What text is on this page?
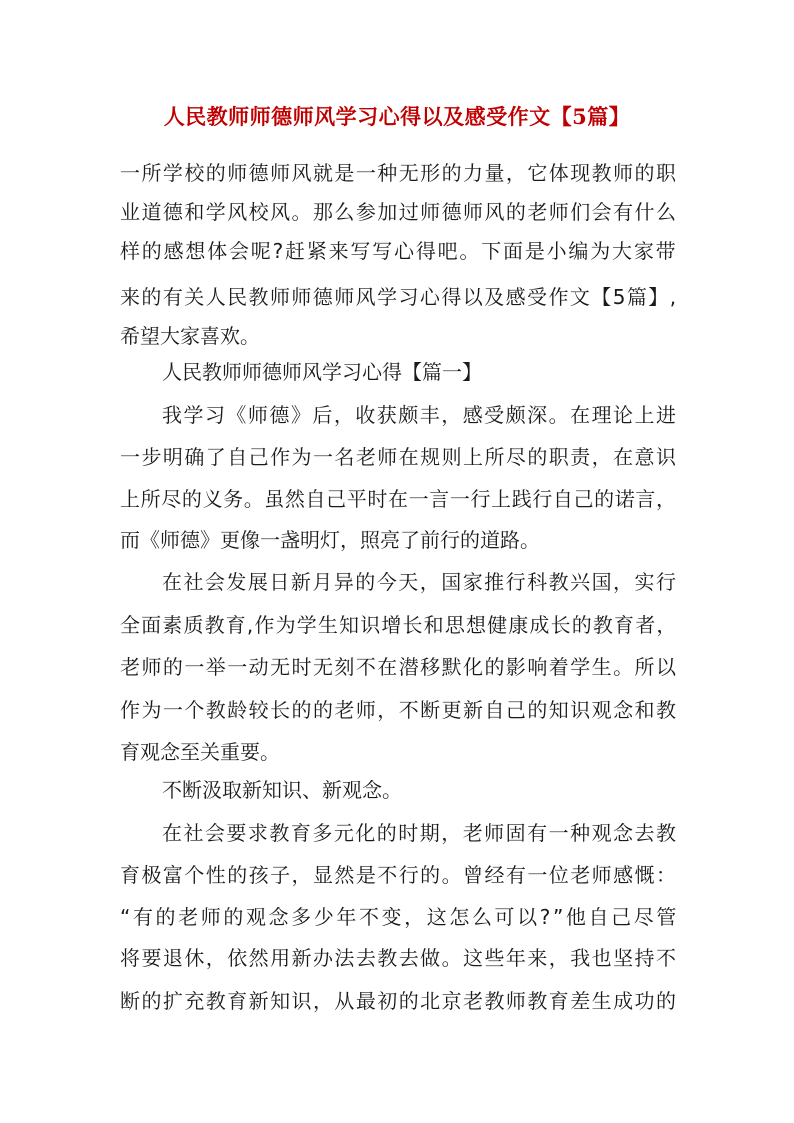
人民教师师德师风学习心得以及感受作文【5篇】
一所学校的师德师风就是一种无形的力量，它体现教师的职
业道德和学风校风。那么参加过师德师风的老师们会有什么
样的感想体会呢?赶紧来写写心得吧。下面是小编为大家带
来的有关人民教师师德师风学习心得以及感受作文【5篇】,
希望大家喜欢。
人民教师师德师风学习心得【篇一】
我学习《师德》后，收获颇丰，感受颇深。在理论上进
一步明确了自己作为一名老师在规则上所尽的职责，在意识
上所尽的义务。虽然自己平时在一言一行上践行自己的诺言，
而《师德》更像一盏明灯，照亮了前行的道路。
在社会发展日新月异的今天，国家推行科教兴国，实行
全面素质教育,作为学生知识增长和思想健康成长的教育者，
老师的一举一动无时无刻不在潜移默化的影响着学生。所以
作为一个教龄较长的的老师，不断更新自己的知识观念和教
育观念至关重要。
不断汲取新知识、新观念。
在社会要求教育多元化的时期，老师固有一种观念去教
育极富个性的孩子，显然是不行的。曾经有一位老师感慨：
“有的老师的观念多少年不变，这怎么可以?”他自己尽管
将要退休，依然用新办法去教去做。这些年来，我也坚持不
断的扩充教育新知识，从最初的北京老教师教育差生成功的
